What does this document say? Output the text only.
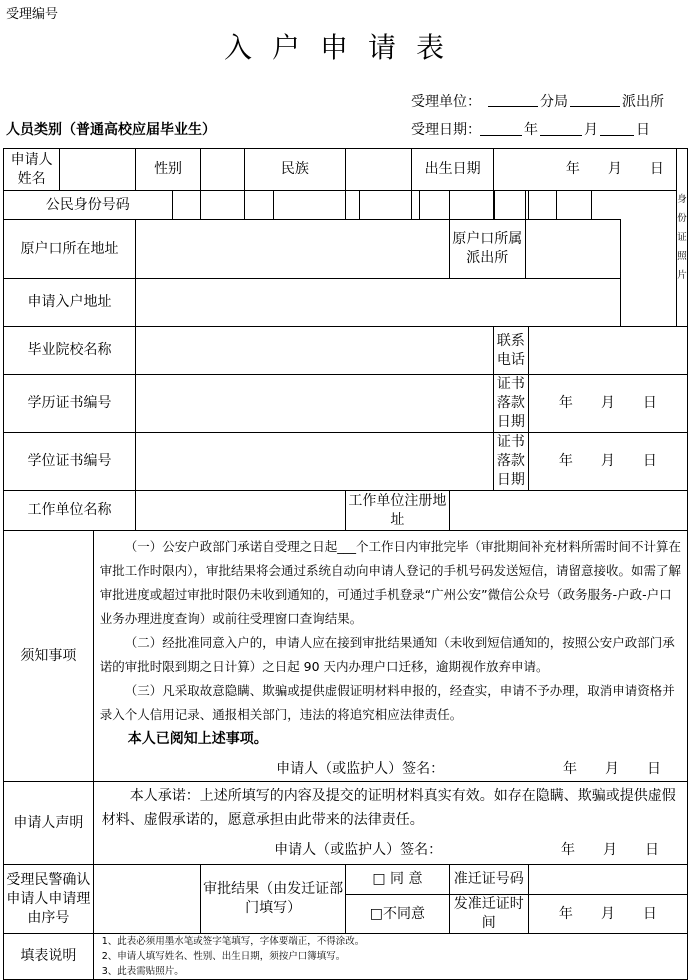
受理编号
入户申请表
受理单位：	分局	派出所
人员类别（普通高校应届毕业生）	受理日期：	年	月	日
申请人姓名			性别			民族				出生日期			年　　月　　日				身份证照片
公民身份号码																	
原户口所在地址												原户口所属派出所					
申请入户地址																	
毕业院校名称													联系电话				
学历证书编号													证书落款日期		年　　月　　日		
学位证书编号													证书落款日期		年　　月　　日		
工作单位名称								工作单位注册地址									
须知事项		（一）公安户政部门承诺自受理之日起___个工作日内审批完毕（审批期间补充材料所需时间不计算在审批工作时限内），审批结果将会通过系统自动向申请人登记的手机号码发送短信，请留意接收。如需了解审批进度或超过审批时限仍未收到通知的，可通过手机登录“广州公安”微信公众号（政务服务-户政-户口业务办理进度查询）或前往受理窗口查询结果。

（二）经批准同意入户的，申请人应在接到审批结果通知（未收到短信通知的，按照公安户政部门承诺的审批时限到期之日计算）之日起 90 天内办理户口迁移，逾期视作放弃申请。

（三）凡采取故意隐瞒、欺骗或提供虚假证明材料申报的，经查实，申请不予办理，取消申请资格并录入个人信用记录、通报相关部门，违法的将追究相应法律责任。

本人已阅知上述事项。

申请人（或监护人）签名： 年　　月　　日															

申请人声明		本人承诺：上述所填写的内容及提交的证明材料真实有效。如存在隐瞒、欺骗或提供虚假材料、虚假承诺的，愿意承担由此带来的法律责任。

申请人（或监护人）签名： 年　　月　　日															

受理民警确认申请人申请理由序号					审批结果（由发迁证部门填写）			□ 同 意				准迁证号码					
								□不同意				发准迁证时间			年　　月　　日		
填表说明		1、此表必须用墨水笔或签字笔填写，字体要端正，不得涂改。
2、申请人填写姓名、性别、出生日期，须按户口簿填写。
3、此表需贴照片。															
